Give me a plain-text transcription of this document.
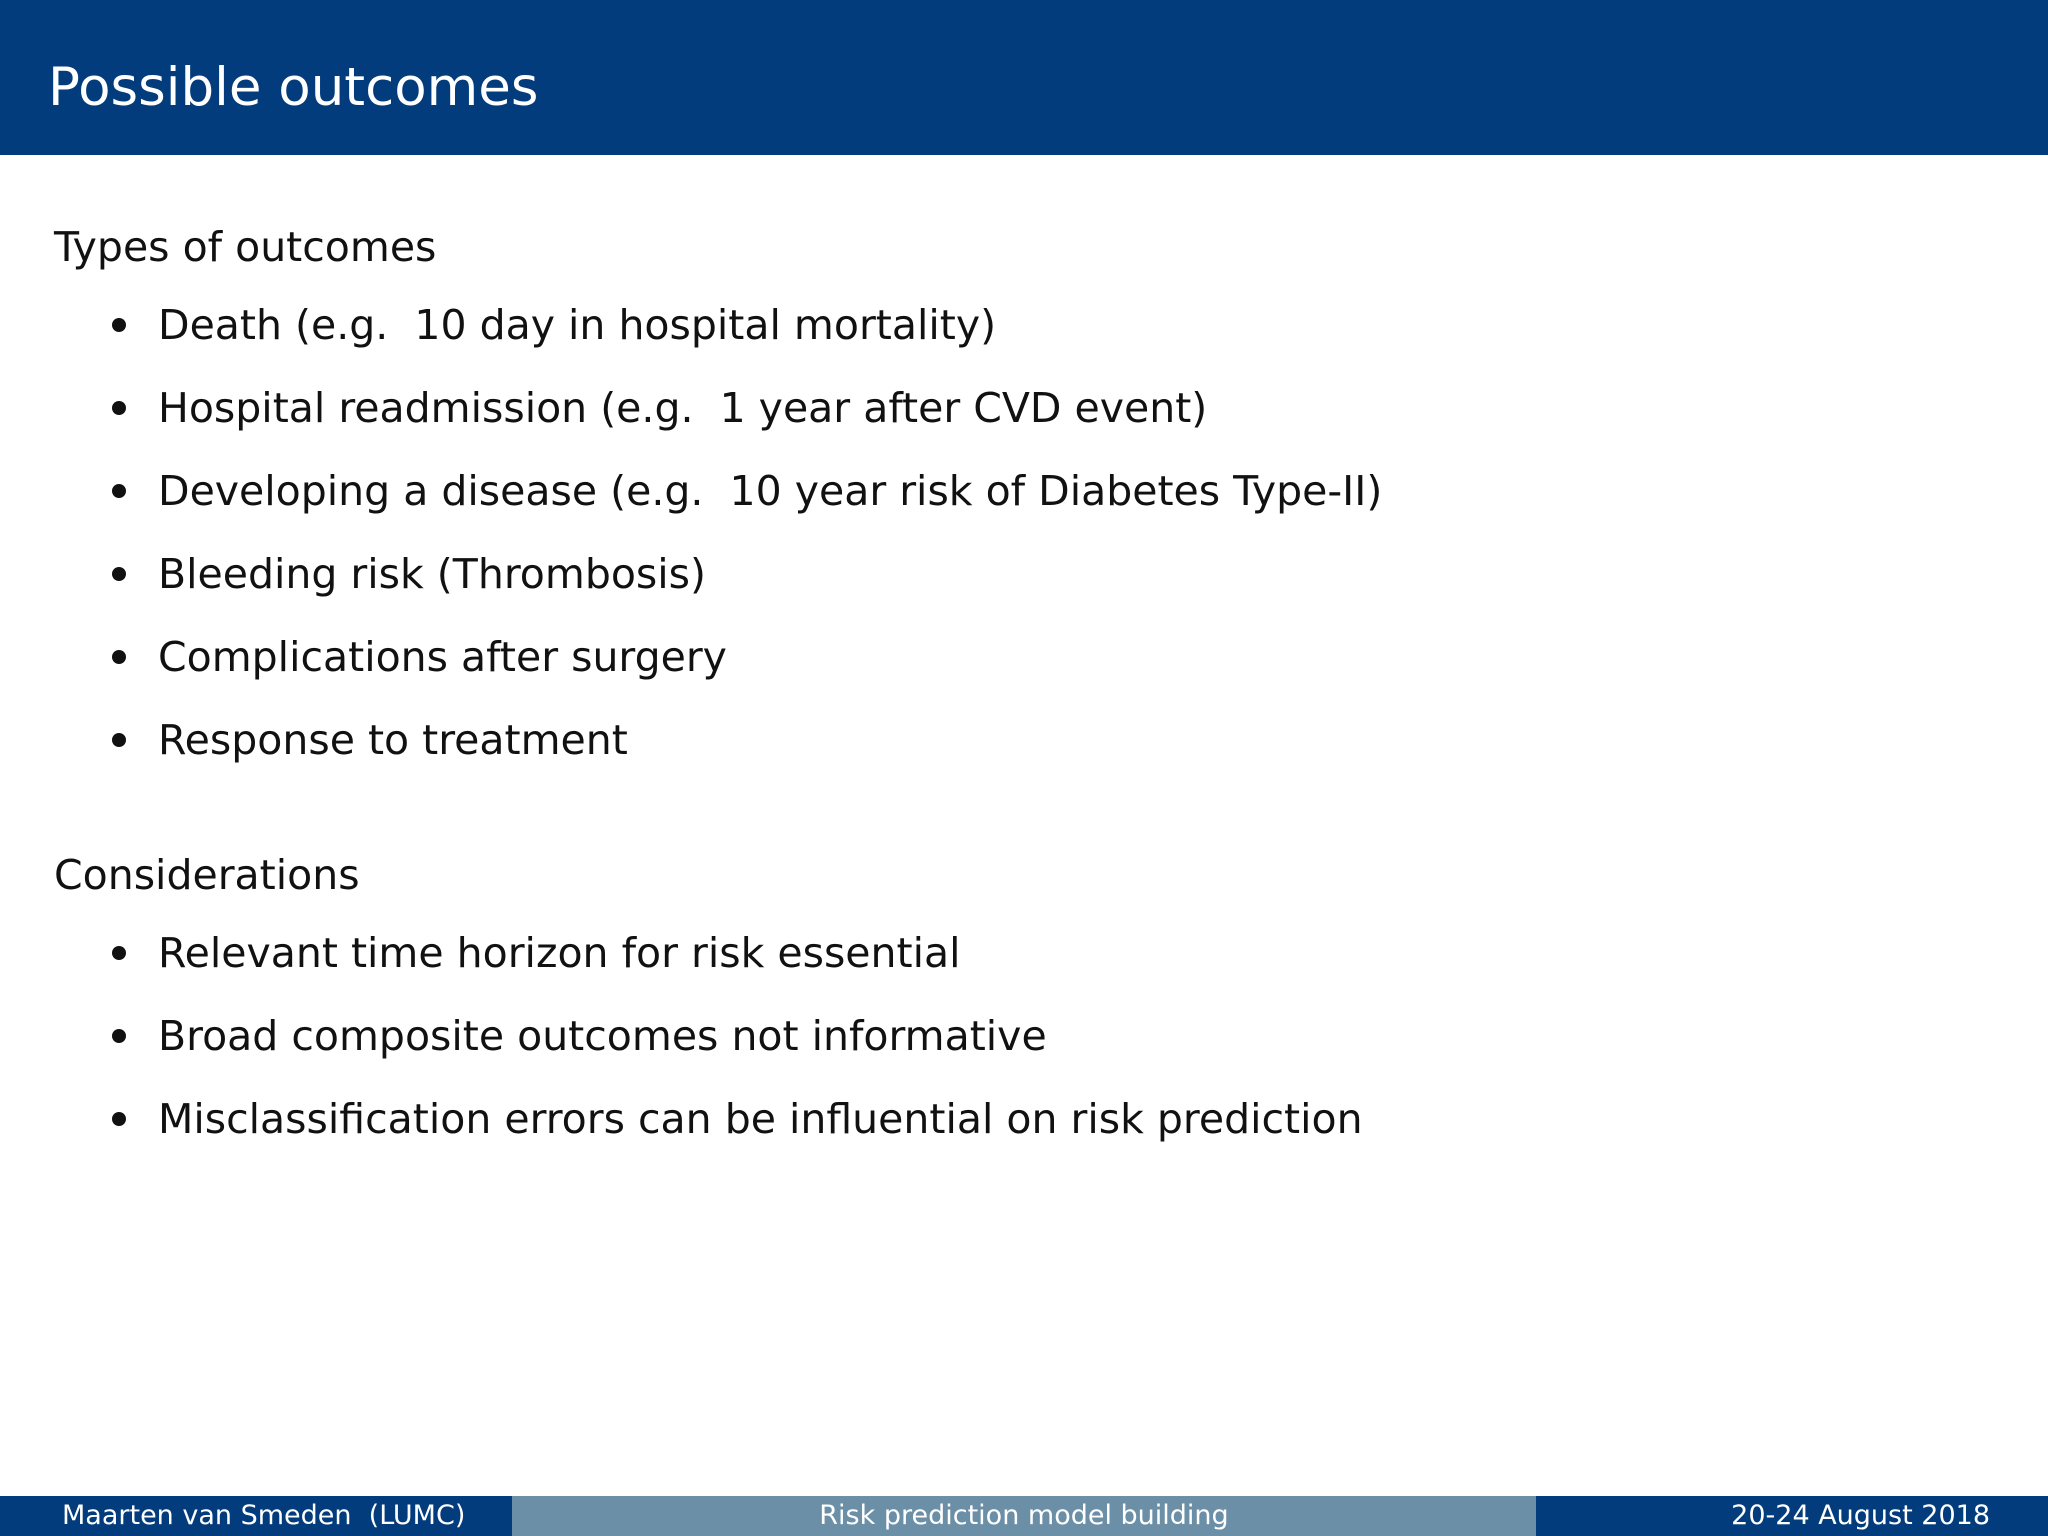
Possible outcomes
Types of outcomes
Death (e.g.  10 day in hospital mortality)
Hospital readmission (e.g.  1 year after CVD event)
Developing a disease (e.g.  10 year risk of Diabetes Type-II)
Bleeding risk (Thrombosis)
Complications after surgery
Response to treatment
Considerations
Relevant time horizon for risk essential
Broad composite outcomes not informative
Misclassification errors can be influential on risk prediction
Maarten van Smeden  (LUMC)	Risk prediction model building	20-24 August 2018
